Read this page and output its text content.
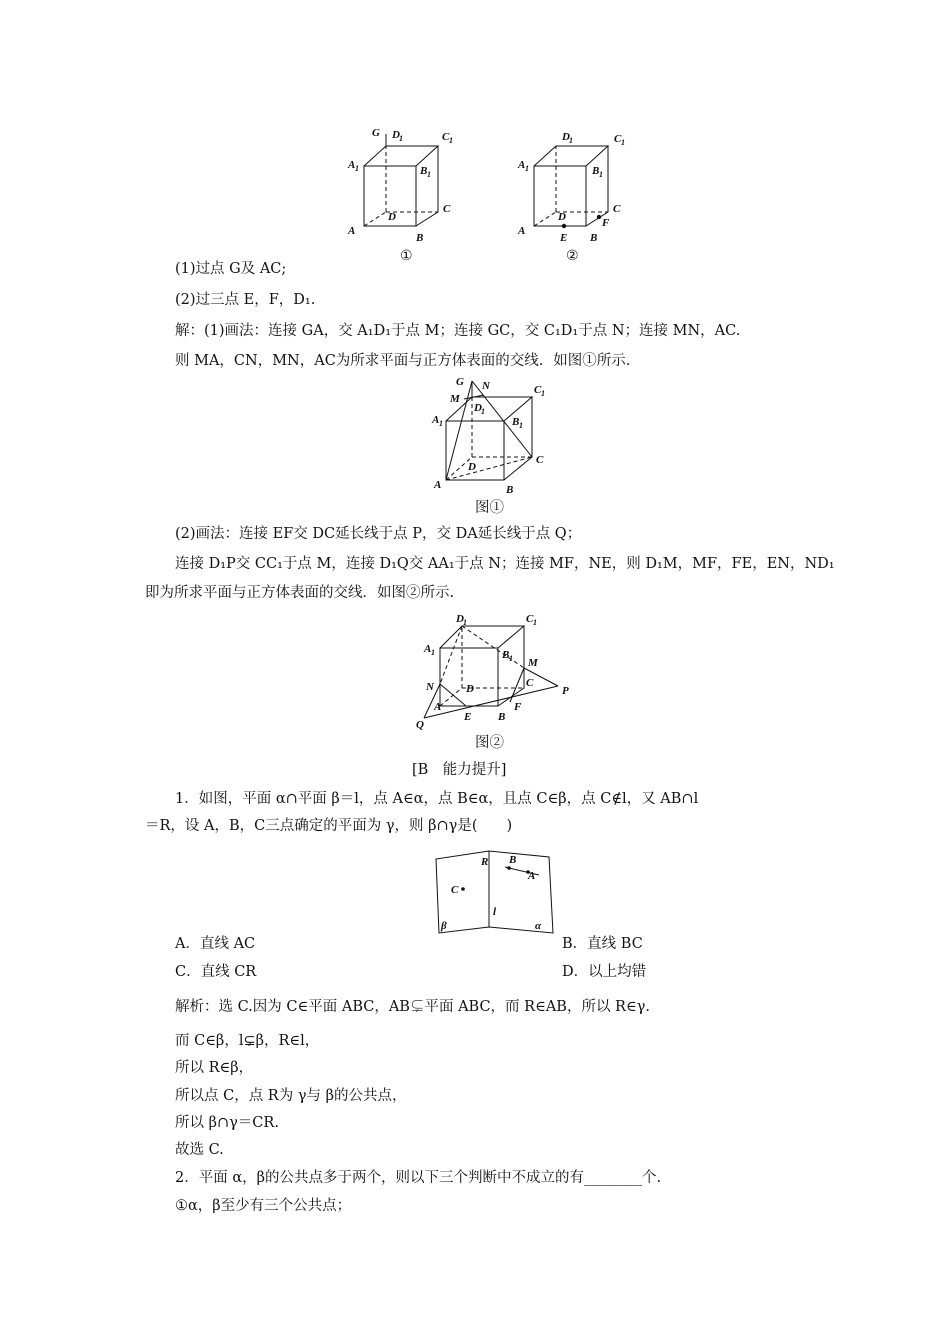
G D 1	C 1
A 1	B 1
D
C
A
B
①
D 1	C 1
A 1	B 1
D
C
A
E B
F
②
(1)过点 G及 AC;
(2)过三点 E，F，D₁.
解：(1)画法：连接 GA，交 A₁D₁于点 M；连接 GC，交 C₁D₁于点 N；连接 MN，AC.
则 MA，CN，MN，AC为所求平面与正方体表面的交线．如图①所示.
G N
M
D 1
C 1
A 1	B 1
D
C
A	B
图①
(2)画法：连接 EF交 DC延长线于点 P，交 DA延长线于点 Q；
连接 D₁P交 CC₁于点 M，连接 D₁Q交 AA₁于点 N；连接 MF，NE，则 D₁M，MF，FE，EN，ND₁
即为所求平面与正方体表面的交线．如图②所示.
D 1	C 1
A 1	B 1 M
C
N	D	P
A
Q
E B
F
图②
[B　能力提升]
1．如图，平面 α∩平面 β＝l，点 A∈α，点 B∈α，且点 C∈β，点 C∉l，又 AB∩l
＝R，设 A，B，C三点确定的平面为 γ，则 β∩γ是(　　)
R B
A
C
l
β	α
A．直线 AC	B．直线 BC
C．直线 CR	D．以上均错
解析：选 C.因为 C∈平面 ABC，AB⊊平面 ABC，而 R∈AB，所以 R∈γ.
而 C∈β，l⊊β，R∈l，
所以 R∈β，
所以点 C，点 R为 γ与 β的公共点，
所以 β∩γ＝CR.
故选 C.
2．平面 α，β的公共点多于两个，则以下三个判断中不成立的有________个.
①α，β至少有三个公共点；
